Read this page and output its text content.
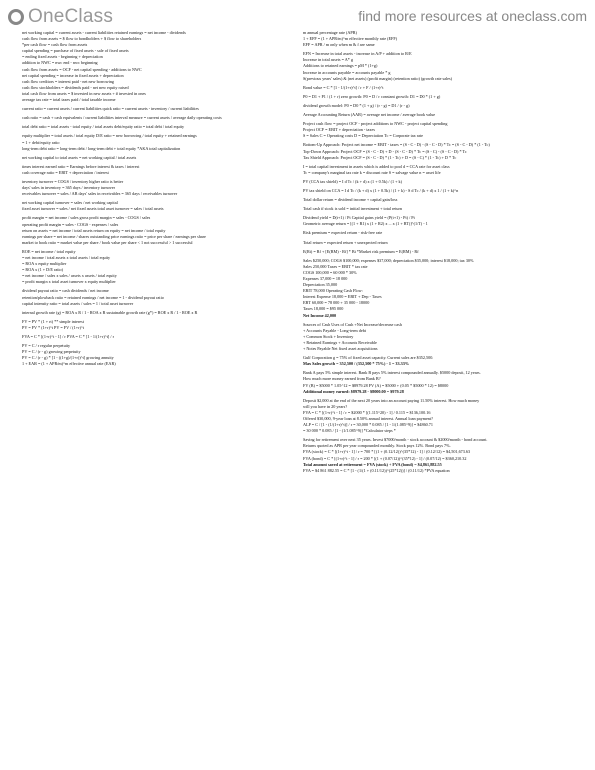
OneClass	find more resources at oneclass.com
net working capital = current assets - current liabilities retained earnings = net income - dividends
cash flow from assets = $ flow to bondholders + $ flow to shareholders
*per cash flow = cash flow from assets
capital spending = purchase of fixed assets - sale of fixed assets
= ending fixed assets - beginning + depreciation
addition to NWC = nwc end - nwc beginning
cash flow from assets = OCF - net capital spending - additions to NWC
net capital spending = increase in fixed assets + depreciation
cash flow creditors = interest paid - net new borrowing
cash flow stockholders = dividends paid - net new equity raised
total cash flow from assets = $ invested in new assets + # invested in ones
average tax rate = total taxes paid / total taxable income
current ratio = current assets / current liabilities quick ratio = current assets - inventory / current liabilities
cash ratio = cash + cash equivalents / current liabilities interval measure = current assets / average daily operating costs
total debt ratio = total assets - total equity / total assets debt/equity ratio = total debt / total equity
equity multiplier = total assets / total equity D/E ratio = new borrowing / total equity + retained earnings
= 1 + debt/equity ratio
long-term debt ratio = long-term debt / long-term debt + total equity *AKA total capitalization
net working capital to total assets = net working capital / total assets
times interest earned ratio = Earnings before interest & taxes / interest
cash coverage ratio = EBIT + depreciation / interest
inventory turnover = COGS / inventory higher ratio is better
days' sales in inventory = 365 days / inventory turnover
receivables turnover = sales / AR days' sales in receivables = 365 days / receivables turnover
net working capital turnover = sales / net working capital
fixed asset turnover = sales / net fixed assets total asset turnover = sales / total assets
profit margin = net income / sales gross profit margin = sales - COGS / sales
operating profit margin = sales - COGS - expenses / sales
return on assets = net income / total assets return on equity = net income / total equity
earnings per share = net income / shares outstanding price earnings ratio = price per share / earnings per share
market to book ratio = market value per share / book value per share < 1 not successful > 1 successful
ROE = net income / total equity
= net income / total assets x total assets / total equity
= ROA x equity multiplier
= ROA x (1 + D/E ratio)
= net income / sales x sales / assets x assets / total equity
= profit margin x total asset turnover x equity multiplier
dividend payout ratio = cash dividends / net income
retention/plowback ratio = retained earnings / net income = 1 - dividend payout ratio
capital intensity ratio = total assets / sales = 1 / total asset turnover
internal growth rate (g) = ROA x R / 1 - ROA x R sustainable growth rate (g*) = ROE x R / 1 - ROE x R
FV = PV * (1 + rt) ** simple interest
PV = FV * (1+r)^t PV = FV / (1+r)^t
FVA = C * [(1+r)^t - 1] / r PVA = C * [1 - 1/(1+r)^t] / r
PV = C / r regular perpetuity
PV = C / (r - g) growing perpetuity
PV = C / (r - g) * [1 - ((1+g)/(1+r))^t] growing annuity
1 + EAR = (1 + APR/m)^m effective annual rate (EAR)
m annual percentage rate (APR)
1 + EFF = (1 + APR/m)^m effective monthly rate (EFF)
EFF = APR / m only when m & f are same
EFN = Increase in total assets - increase in A/P + addition to R/E
Increase in total assets = A* g
Additions to retained earnings = pM * (1+g)
Increase in accounts payable = accounts payable * g
S(previous years' sales) & (net assets) (profit margin) (retention ratio) (growth rate sales)
Bond value = C * [1 - 1/(1+r)^t] / r + F / (1+r)^t
P0 = D1 + P1 / (1 + r) zero growth: P0 = D / r constant growth: D1 = D0 * (1 + g)
dividend growth model: P0 = D0 * (1 + g) / (r - g) = D1 / (r - g)
Average Accounting Return (AAR) = average net income / average book value
Project cash flow = project OCF - project additions to NWC - project capital spending
Project OCF = EBIT + depreciation - taxes
S = Sales C = Operating costs D = Depreciation Tc = Corporate tax rate
Bottom-Up Approach: Project net income = EBIT - taxes = (S - C - D) - (S - C - D) * Tc = (S - C - D) * (1 - Tc)
Top-Down Approach: Project OCF = (S - C - D) + D - (S - C - D) * Tc = (S - C) - (S - C - D) * Tc
Tax Shield Approach: Project OCF = (S - C - D) * (1 - Tc) + D = (S - C) * (1 - Tc) + D * Tc
I = total capital investment in assets which is added to pool d = CCA rate for asset class
Tc = company's marginal tax rate k = discount rate S = salvage value n = asset life
PV (CCA tax shield) = I d Tc / (k + d) x (1 + 0.5k) / (1 + k)
PV tax shield on CCA = I d Tc / (k + d) x (1 + 0.5k) / (1 + k) - S d Tc / (k + d) x 1 / (1 + k)^n
Total dollar return = dividend income + capital gain/loss
Total cash if stock is sold = initial investment + total return
Dividend yield = D(t+1) / Pt Capital gains yield = (P(t+1) - Pt) / Pt
Geometric average return = [(1 + R1) x (1 + R2) x ... x (1 + RT)]^(1/T) - 1
Risk premium = expected return - risk-free rate
Total return = expected return + unexpected return
E(Ri) = Rf + [E(RM) - Rf] * Bi *Market risk premium = E(RM) - Rf
Sales $250,000; COGS $100,000; expenses $37,000; depreciation $35,000; interest $18,000; tax 30%
Sales 250,000 Taxes = EBIT * tax rate
COGS 100,000 = 60 000 * 30%
Expenses 37,000 = 18 000
Depreciation 35,000
EBIT 78,000 Operating Cash Flow:
Interest Expense 18,000 = EBIT + Dep - Taxes
EBT 60,000 = 78 000 + 35 000 - 18000
Taxes 18,000 = $95 000
Net Income 42,000
Sources of Cash Uses of Cash +Net Increase/decrease cash
+ Accounts Payable - Long-term debt
+ Common Stock + Inventory
+ Retained Earnings + Accounts Receivable
+ Notes Payable Net fixed asset acquisitions
Gulf Corporation g = 75% of fixed asset capacity. Current sales are $352,500.
Max Sales growth = 352,500 / (352,500 * 75%) - 1 = 33.33%
Bank A pays 5% simple interest. Bank B pays 5% interest compounded annually. $5000 deposit, 12 years.
How much more money earned from Bank B?
FV (B) = $5000 * 1.05^12 = $8979.28 FV (A) = $5000 + (0.05 * $5000 * 12) = $8000
Additional money earned: $8979.28 - $8000.00 = $979.28
Deposit $2,000 at the end of the next 20 years into an account paying 11.50% interest. How much money
will you have in 20 years?
FVA = C * [(1+r)^t - 1] / r = $2000 * [(1.115^20) - 1] / 0.115 = $136,100.16
Offered $30,000, 9-year loan at 8.50% annual interest. Annual loan payment?
ALP = C / [1 - (1/(1+r)^t)] / r = 30,000 * 0.085 / [1 - 1/(1.085^9)] = $4860.71
= 30 000 * 0.085 / [1 - (1/1.085^9)] *Calculator steps *
Saving for retirement over next 35 years. Invest $7000/month - stock account & $2000/month - bond account.
Returns quoted as APR per year compounded monthly. Stock pays 12%. Bond pays 7%.
FVA (stock) = C * [(1+r)^t - 1] / r = 700 * [(1 + (0.12/12))^(35*12) - 1] / (0.12/12) = $4,501,673.63
FVA (bond) = C * [(1+r)^t - 1] / r = 200 * [(1 + (0.07/12))^(35*12) - 1] / (0.07/12) = $360,210.32
Total amount saved at retirement = FVA (stock) + FVA (bond) = $4,861,882.55
FVA = $4 861 882.55 = C * [1 - (1/(1 + (0.11/12))^(25*12))] / (0.11/12) *PVA equation
